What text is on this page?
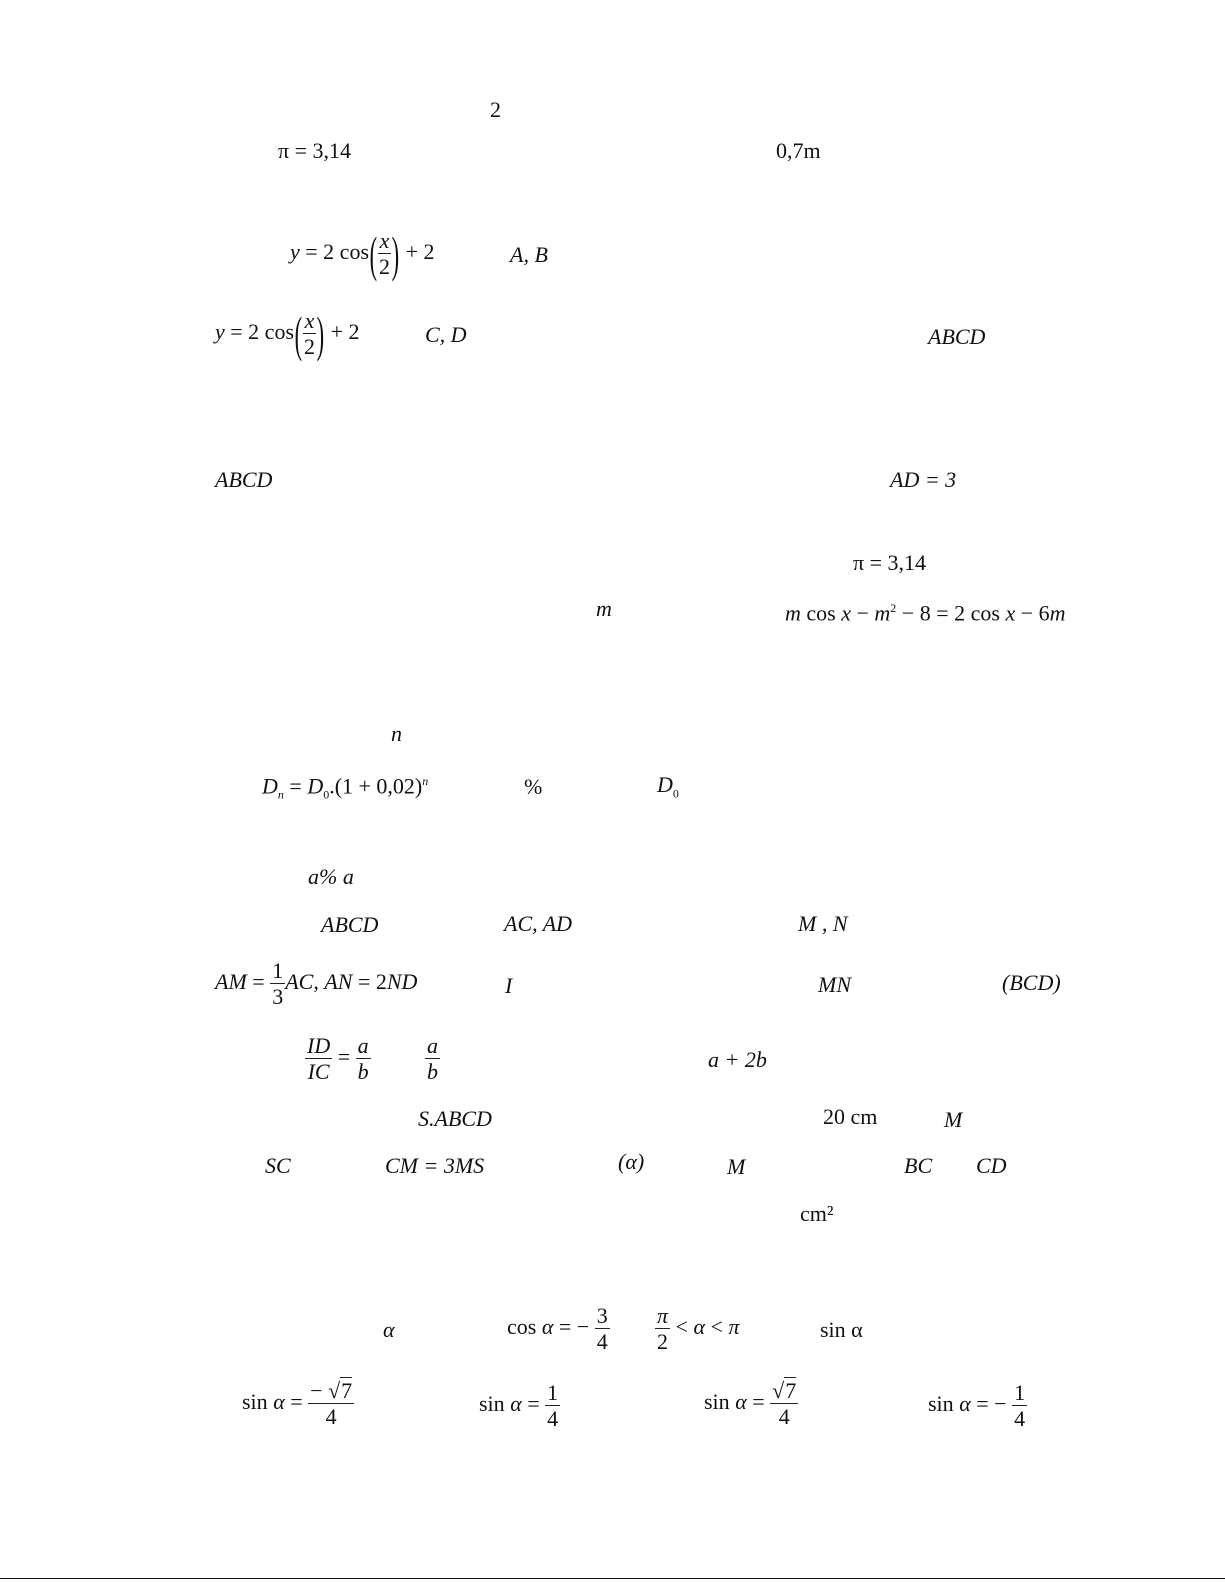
2
π = 3,14	0,7m
y = 2 $\cos( \frac{x}{2}$ ) + 2	A, B
y = 2 $\cos( \frac{x}{2}$ ) + 2	C, D	ABCD
ABCD	AD = 3
π = 3,14
m	m $\cos x - m^2 - 8 = 2$ cos x − 6m
n
$D_n = D_0.(1 + 0,02)^n$	%	$D_0$
a% a
ABCD	AC, AD	M , N
AM = $\frac{1}{3}$ AC, AN = 2ND	I	MN	(BCD)
$\frac{ID}{IC} = \frac{a}{b} \frac{a}{b}$	a + 2b
S.ABCD	20 cm	M
SC	CM = 3MS	(α)	M	BC CD
cm²
α	cos α = − $\frac{3}{4} \frac{\pi}{2} < \alpha < \pi$	sin α
$\sin \alpha = \frac{- √7}{4}$	$\sin \alpha = \frac{1}{4}$	$\sin \alpha = \frac{√7}{4}$	sin α = − $\frac{1}{4}$
